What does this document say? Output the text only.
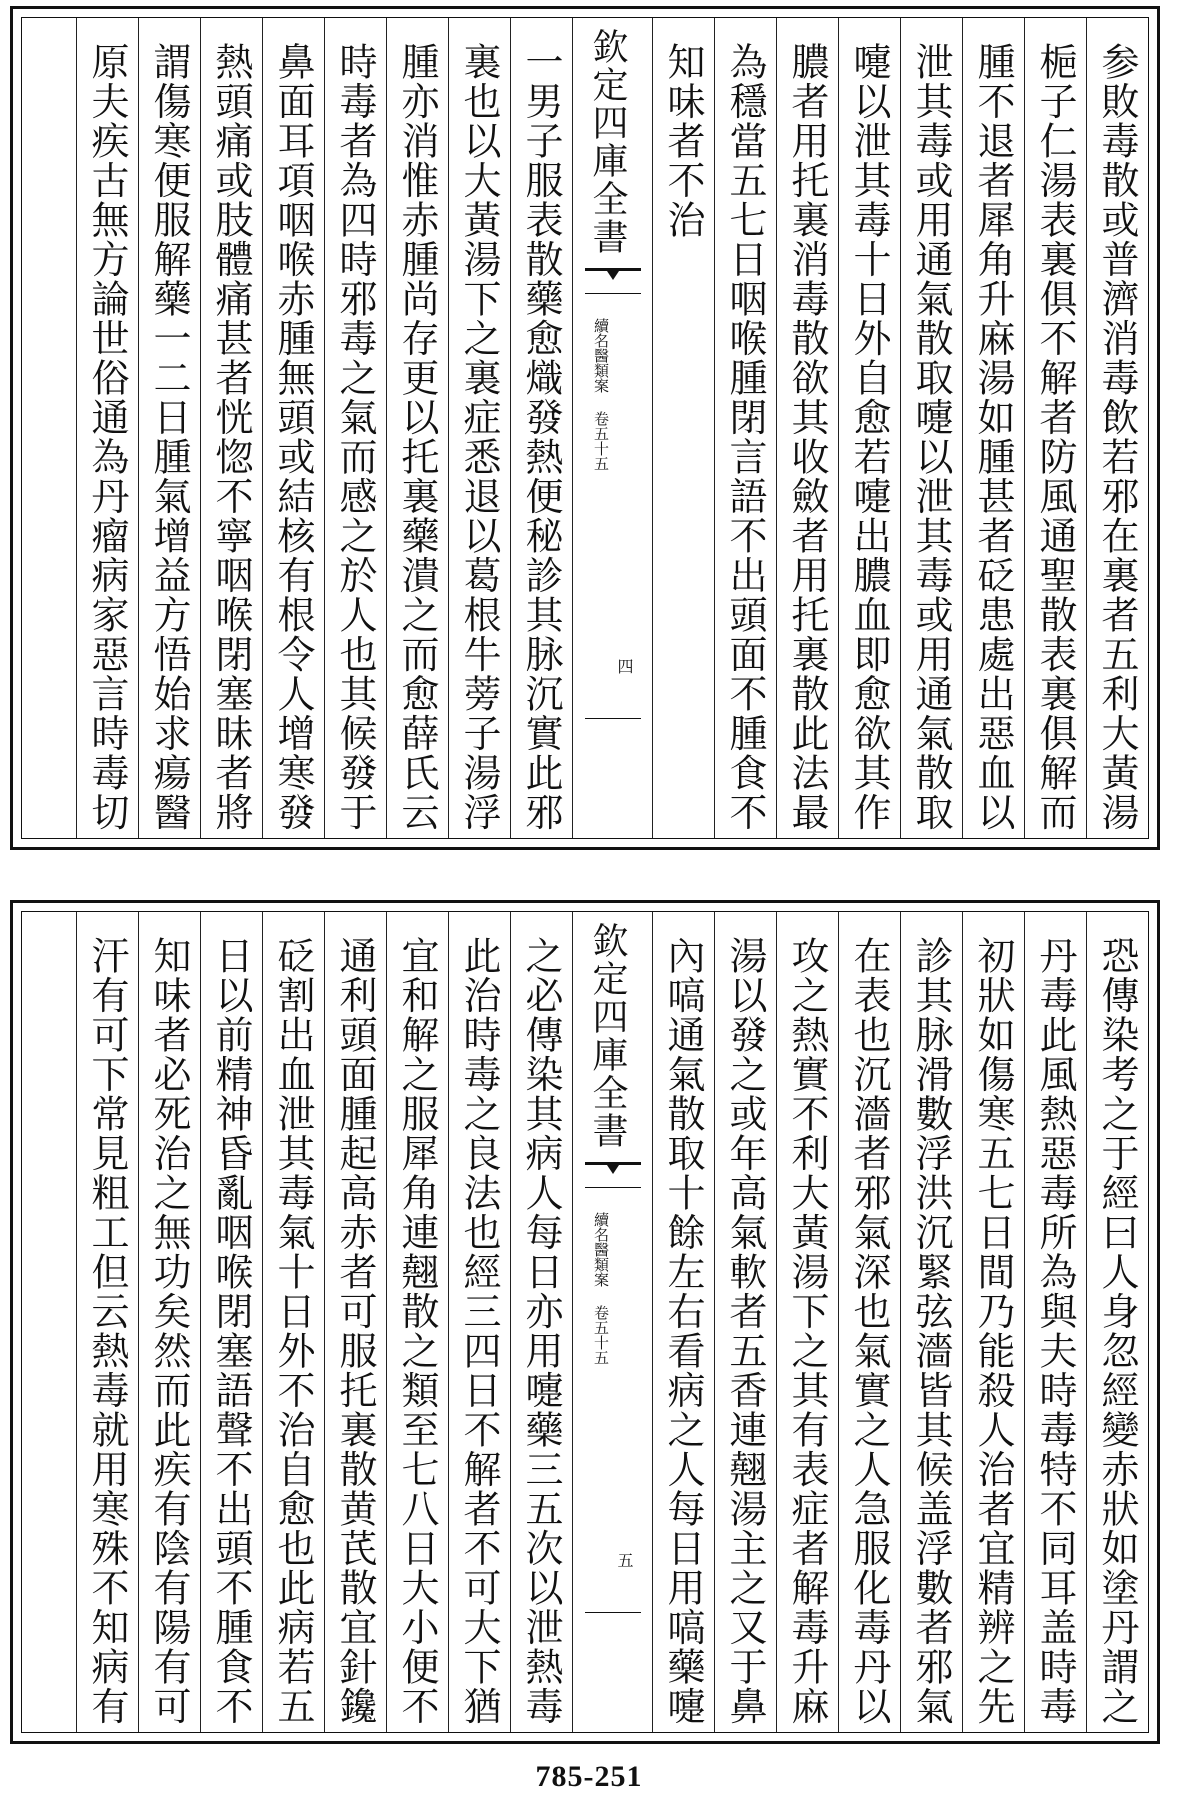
参敗毒散或普濟消毒飲若邪在裏者五利大黃湯
梔子仁湯表裏俱不解者防風通聖散表裏俱解而
腫不退者犀角升麻湯如腫甚者砭患處出惡血以
泄其毒或用通氣散取嚏以泄其毒或用通氣散取
嚏以泄其毒十日外自愈若嚏出膿血即愈欲其作
膿者用托裏消毒散欲其收斂者用托裏散此法最
為穩當五七日咽喉腫閉言語不出頭面不腫食不
知味者不治
欽定四庫全書
續名醫類案 卷五十五
四
一男子服表散藥愈熾發熱便秘診其脉沉實此邪
裏也以大黃湯下之裏症悉退以葛根牛蒡子湯浮
腫亦消惟赤腫尚存更以托裏藥潰之而愈薛氏云
時毒者為四時邪毒之氣而感之於人也其候發于
鼻面耳項咽喉赤腫無頭或結核有根令人增寒發
熱頭痛或肢體痛甚者恍惚不寧咽喉閉塞昧者將
謂傷寒便服解藥一二日腫氣增益方悟始求瘍醫
原夫疾古無方論世俗通為丹瘤病家惡言時毒切
恐傳染考之于經曰人身忽經變赤狀如塗丹謂之
丹毒此風熱惡毒所為與夫時毒特不同耳盖時毒
初狀如傷寒五七日間乃能殺人治者宜精辨之先
診其脉滑數浮洪沉緊弦濇皆其候盖浮數者邪氣
在表也沉濇者邪氣深也氣實之人急服化毒丹以
攻之熱實不利大黃湯下之其有表症者解毒升麻
湯以發之或年高氣軟者五香連翹湯主之又于鼻
內嗃通氣散取十餘左右看病之人每日用嗃藥嚏
欽定四庫全書
續名醫類案 卷五十五
五
之必傳染其病人每日亦用嚏藥三五次以泄熱毒
此治時毒之良法也經三四日不解者不可大下猶
宜和解之服犀角連翹散之類至七八日大小便不
通利頭面腫起高赤者可服托裏散黄芪散宜針鑱
砭割出血泄其毒氣十日外不治自愈也此病若五
日以前精神昏亂咽喉閉塞語聲不出頭不腫食不
知味者必死治之無功矣然而此疾有陰有陽有可
汗有可下常見粗工但云熱毒就用寒殊不知病有
785-251
